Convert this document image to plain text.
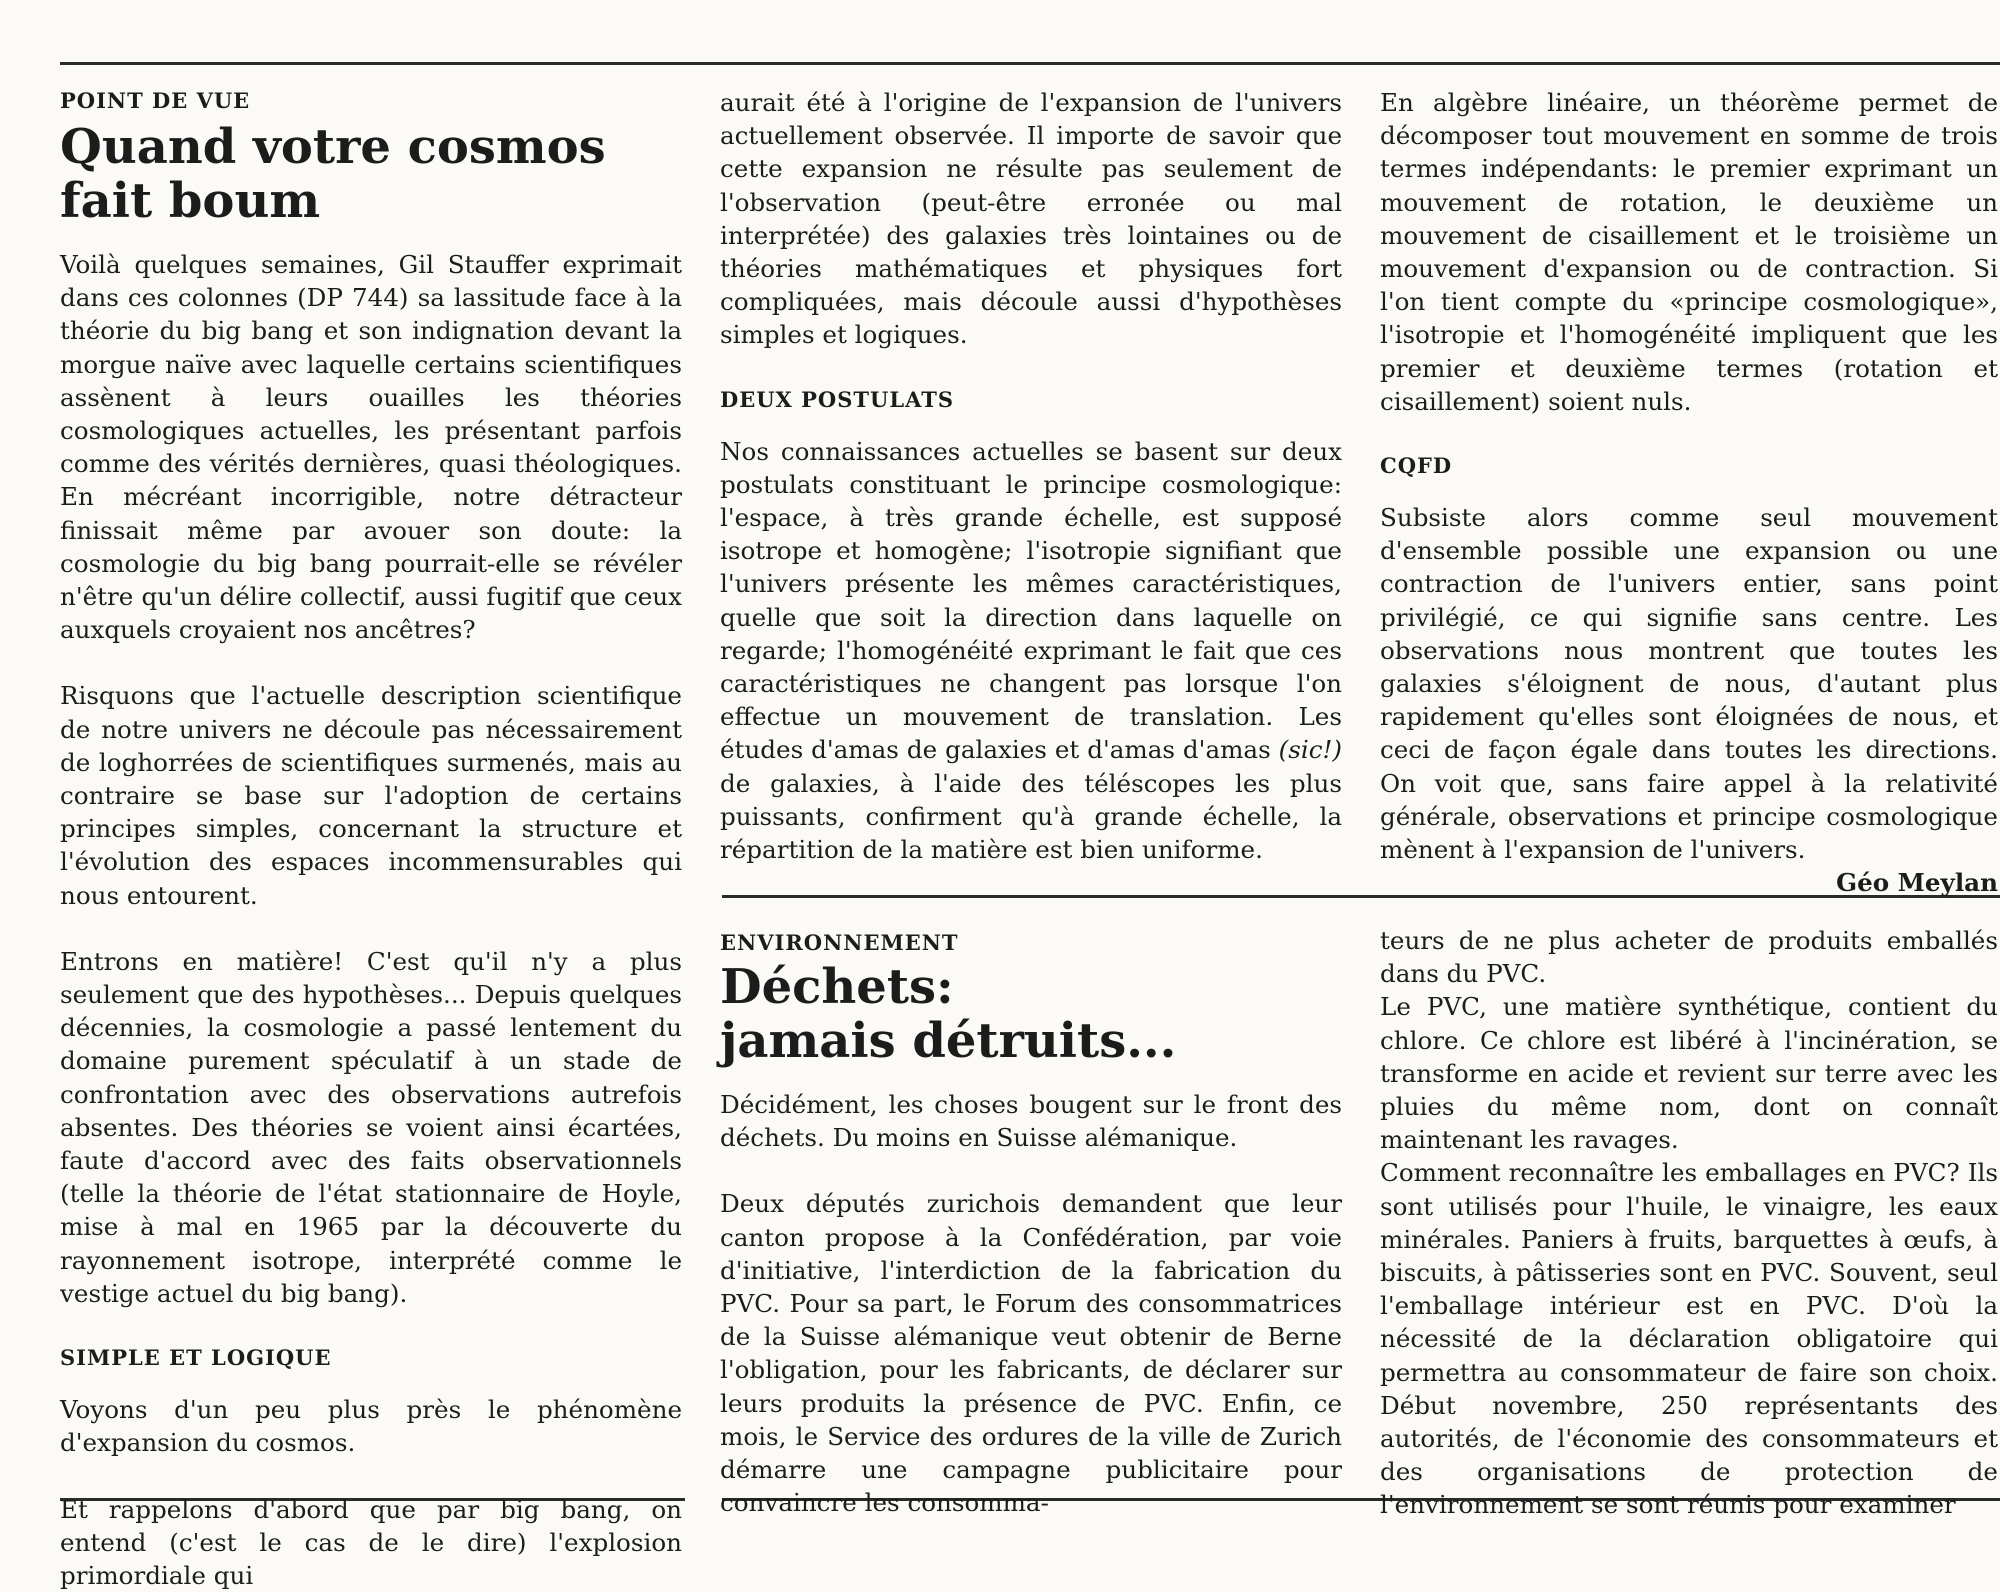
POINT DE VUE
Quand votre cosmos
fait boum

Voilà quelques semaines, Gil Stauffer exprimait dans ces colonnes (DP 744) sa lassitude face à la théorie du big bang et son indignation devant la morgue naïve avec laquelle certains scientifiques assènent à leurs ouailles les théories cosmologiques actuelles, les présentant parfois comme des vérités dernières, quasi théologiques. En mécréant incorrigible, notre détracteur finissait même par avouer son doute: la cosmologie du big bang pourrait-elle se révéler n'être qu'un délire collectif, aussi fugitif que ceux auxquels croyaient nos ancêtres?

Risquons que l'actuelle description scientifique de notre univers ne découle pas nécessairement de loghorrées de scientifiques surmenés, mais au contraire se base sur l'adoption de certains principes simples, concernant la structure et l'évolution des espaces incommensurables qui nous entourent.

Entrons en matière! C'est qu'il n'y a plus seulement que des hypothèses... Depuis quelques décennies, la cosmologie a passé lentement du domaine purement spéculatif à un stade de confrontation avec des observations autrefois absentes. Des théories se voient ainsi écartées, faute d'accord avec des faits observationnels (telle la théorie de l'état stationnaire de Hoyle, mise à mal en 1965 par la découverte du rayonnement isotrope, interprété comme le vestige actuel du big bang).

SIMPLE ET LOGIQUE

Voyons d'un peu plus près le phénomène d'expansion du cosmos.

Et rappelons d'abord que par big bang, on entend (c'est le cas de le dire) l'explosion primordiale qui

aurait été à l'origine de l'expansion de l'univers actuellement observée. Il importe de savoir que cette expansion ne résulte pas seulement de l'observation (peut-être erronée ou mal interprétée) des galaxies très lointaines ou de théories mathématiques et physiques fort compliquées, mais découle aussi d'hypothèses simples et logiques.

DEUX POSTULATS

Nos connaissances actuelles se basent sur deux postulats constituant le principe cosmologique: l'espace, à très grande échelle, est supposé isotrope et homogène; l'isotropie signifiant que l'univers présente les mêmes caractéristiques, quelle que soit la direction dans laquelle on regarde; l'homogénéité exprimant le fait que ces caractéristiques ne changent pas lorsque l'on effectue un mouvement de translation. Les études d'amas de galaxies et d'amas d'amas (sic!) de galaxies, à l'aide des téléscopes les plus puissants, confirment qu'à grande échelle, la répartition de la matière est bien uniforme.

En algèbre linéaire, un théorème permet de décomposer tout mouvement en somme de trois termes indépendants: le premier exprimant un mouvement de rotation, le deuxième un mouvement de cisaillement et le troisième un mouvement d'expansion ou de contraction. Si l'on tient compte du «principe cosmologique», l'isotropie et l'homogénéité impliquent que les premier et deuxième termes (rotation et cisaillement) soient nuls.

CQFD

Subsiste alors comme seul mouvement d'ensemble possible une expansion ou une contraction de l'univers entier, sans point privilégié, ce qui signifie sans centre. Les observations nous montrent que toutes les galaxies s'éloignent de nous, d'autant plus rapidement qu'elles sont éloignées de nous, et ceci de façon égale dans toutes les directions. On voit que, sans faire appel à la relativité générale, observations et principe cosmologique mènent à l'expansion de l'univers.

Géo Meylan
ENVIRONNEMENT
Déchets:
jamais détruits...

Décidément, les choses bougent sur le front des déchets. Du moins en Suisse alémanique.

Deux députés zurichois demandent que leur canton propose à la Confédération, par voie d'initiative, l'interdiction de la fabrication du PVC. Pour sa part, le Forum des consommatrices de la Suisse alémanique veut obtenir de Berne l'obligation, pour les fabricants, de déclarer sur leurs produits la présence de PVC. Enfin, ce mois, le Service des ordures de la ville de Zurich démarre une campagne publicitaire pour convaincre les consomma-

teurs de ne plus acheter de produits emballés dans du PVC.

Le PVC, une matière synthétique, contient du chlore. Ce chlore est libéré à l'incinération, se transforme en acide et revient sur terre avec les pluies du même nom, dont on connaît maintenant les ravages.

Comment reconnaître les emballages en PVC? Ils sont utilisés pour l'huile, le vinaigre, les eaux minérales. Paniers à fruits, barquettes à œufs, à biscuits, à pâtisseries sont en PVC. Souvent, seul l'emballage intérieur est en PVC. D'où la nécessité de la déclaration obligatoire qui permettra au consommateur de faire son choix. Début novembre, 250 représentants des autorités, de l'économie des consommateurs et des organisations de protection de l'environnement se sont réunis pour examiner
